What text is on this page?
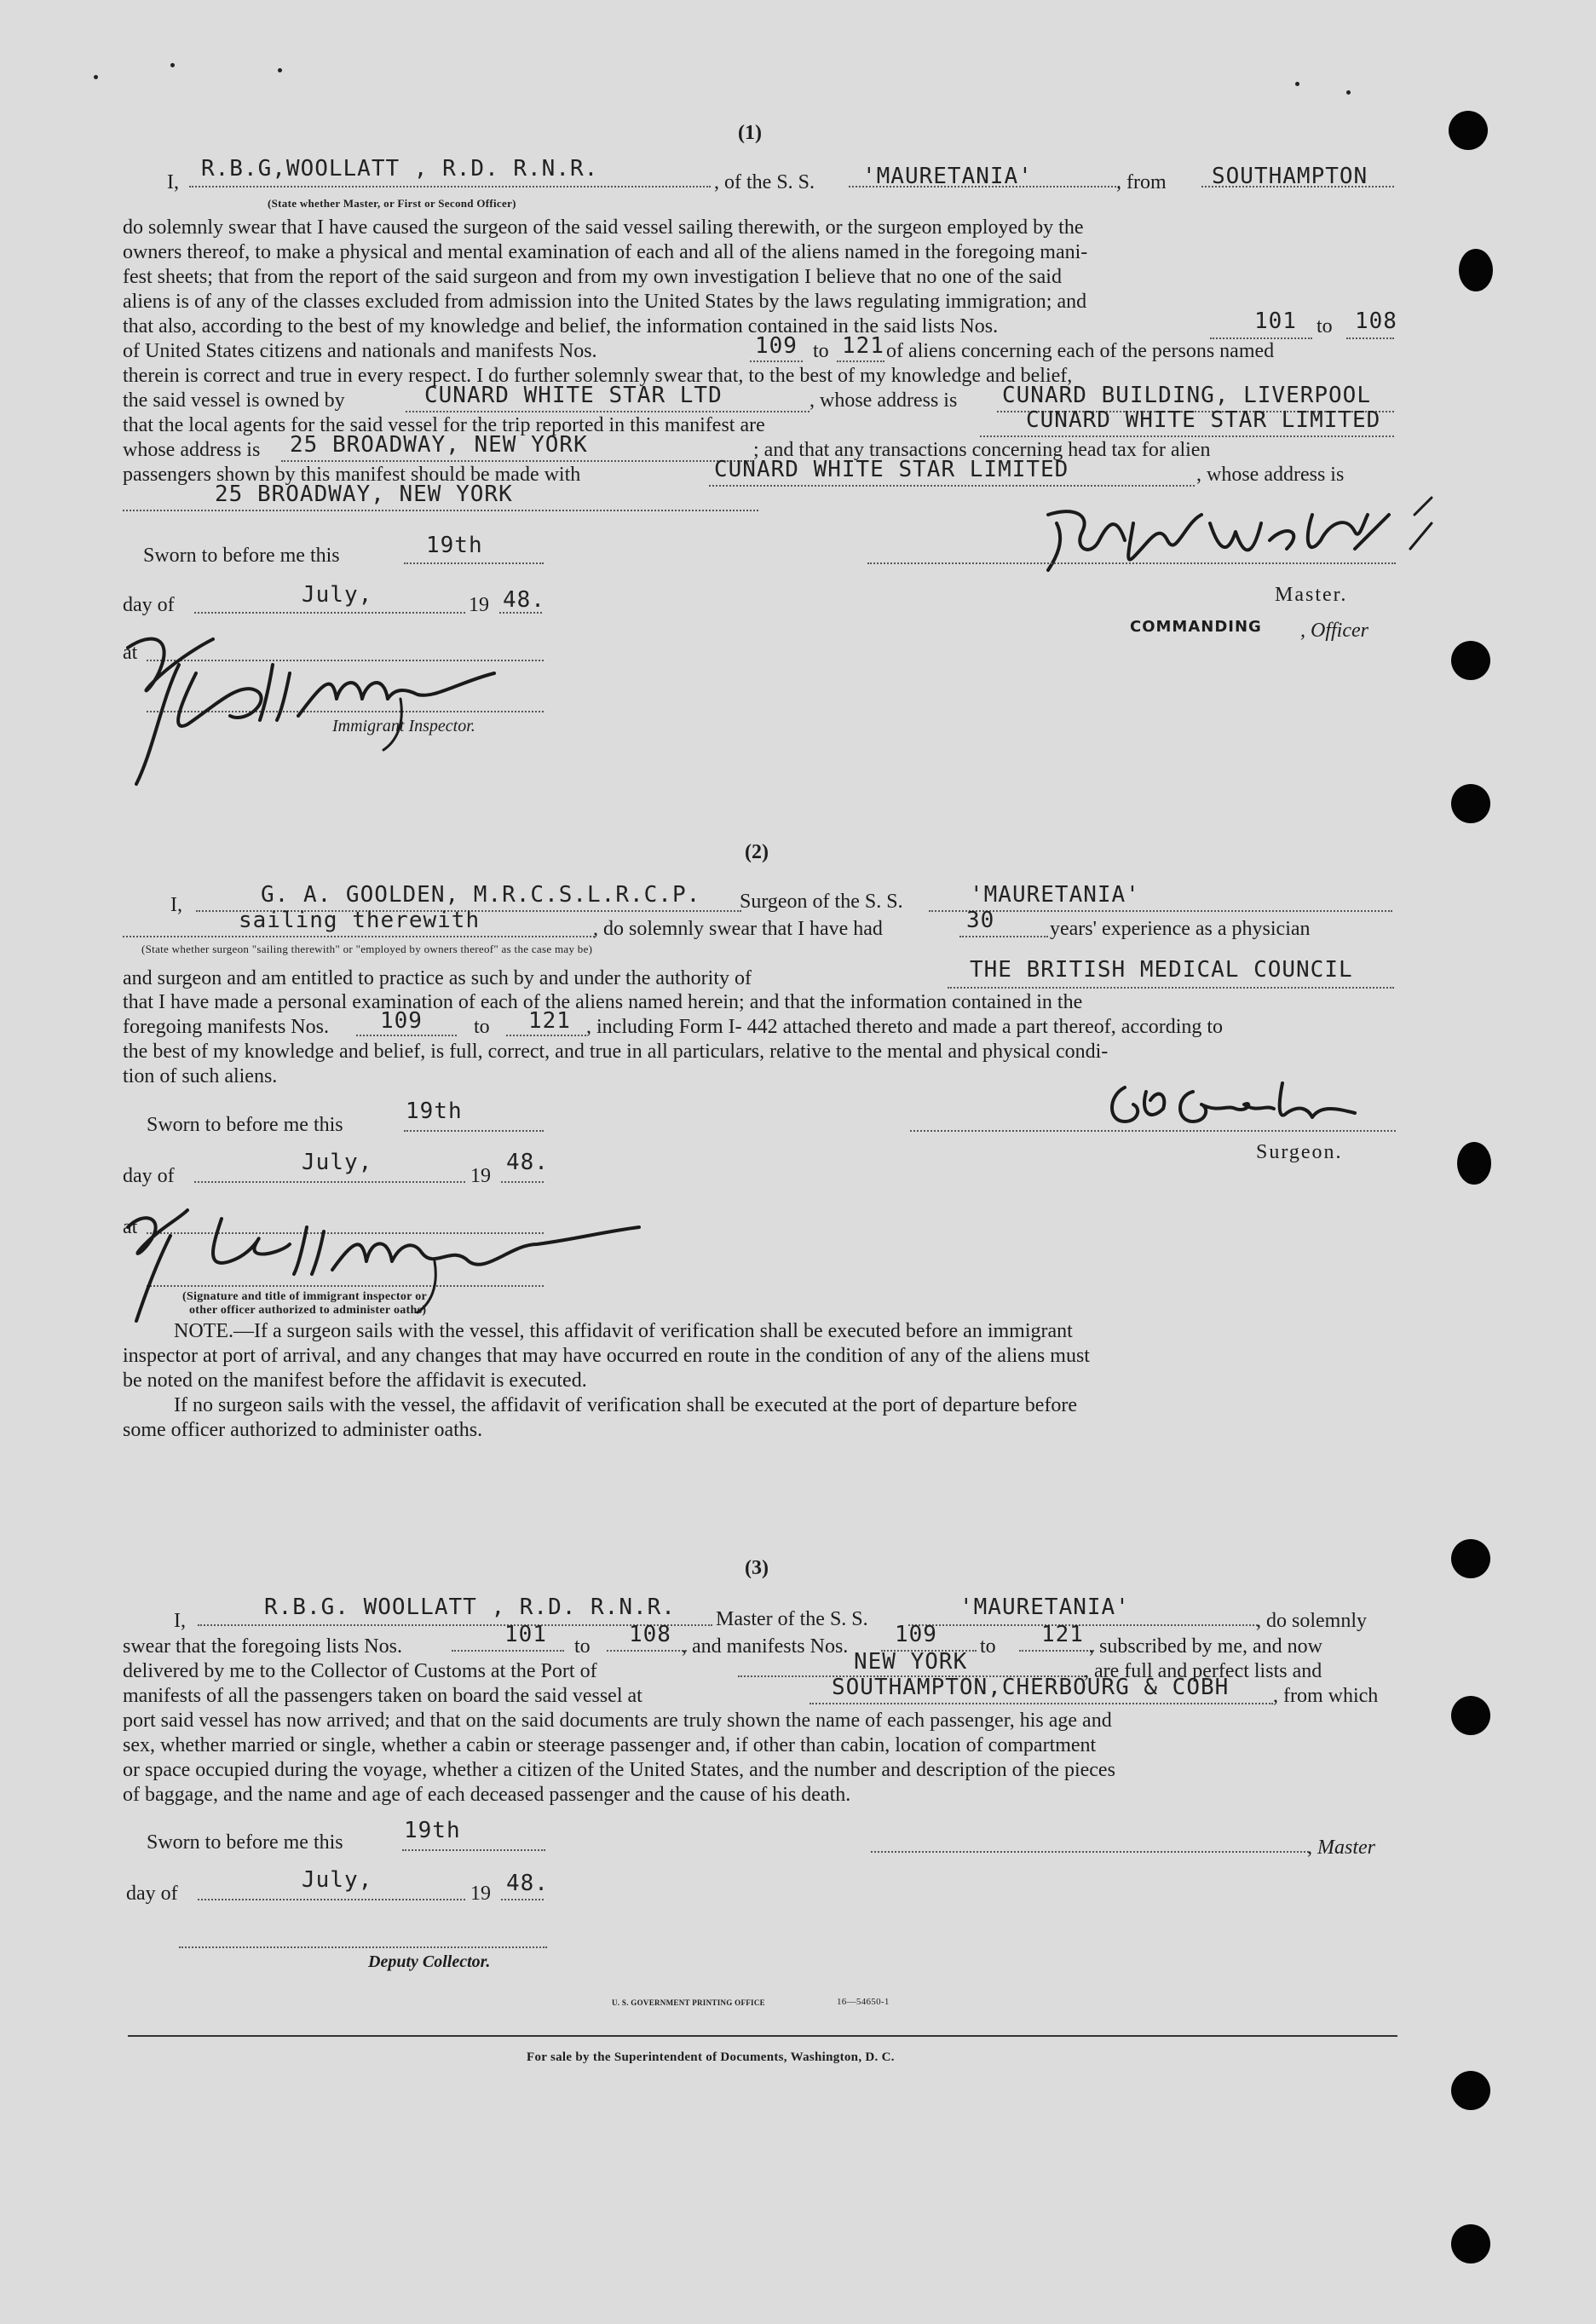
(1)
I,
R.B.G,WOOLLATT , R.D. R.N.R.
(State whether Master, or First or Second Officer)
, of the S. S. 'MAURETANIA'	, from SOUTHAMPTON
do solemnly swear that I have caused the surgeon of the said vessel sailing therewith, or the surgeon employed by the
owners thereof, to make a physical and mental examination of each and all of the aliens named in the foregoing mani-
fest sheets; that from the report of the said surgeon and from my own investigation I believe that no one of the said
aliens is of any of the classes excluded from admission into the United States by the laws regulating immigration; and
that also, according to the best of my knowledge and belief, the information contained in the said lists Nos.	101 to 108
of United States citizens and nationals and manifests Nos.	109 to 121 of aliens concerning each of the persons named
therein is correct and true in every respect. I do further solemnly swear that, to the best of my knowledge and belief,
the said vessel is owned by	CUNARD WHITE STAR LTD	, whose address is CUNARD BUILDING, LIVERPOOL
that the local agents for the said vessel for the trip reported in this manifest are	CUNARD WHITE STAR LIMITED
whose address is 25 BROADWAY, NEW YORK	; and that any transactions concerning head tax for alien
passengers shown by this manifest should be made with	CUNARD WHITE STAR LIMITED	, whose address is
25 BROADWAY, NEW YORK
Sworn to before me this	19th
day of	July,	19 48.
at
Immigrant Inspector.
Master.
COMMANDING , Officer
(2)
I,	G. A. GOOLDEN, M.R.C.S.L.R.C.P. Surgeon of the S. S.	'MAURETANIA'
sailing therewith	, do solemnly swear that I have had	30	years' experience as a physician
(State whether surgeon "sailing therewith" or "employed by owners thereof" as the case may be)
and surgeon and am entitled to practice as such by and under the authority of	THE BRITISH MEDICAL COUNCIL
that I have made a personal examination of each of the aliens named herein; and that the information contained in the
foregoing manifests Nos. 109	to 121 , including Form I- 442 attached thereto and made a part thereof, according to
the best of my knowledge and belief, is full, correct, and true in all particulars, relative to the mental and physical condi-
tion of such aliens.
Sworn to before me this
19th
day of
July,
19
48.
at
(Signature and title of immigrant inspector or
other officer authorized to administer oaths)
Surgeon.
NOTE.—If a surgeon sails with the vessel, this affidavit of verification shall be executed before an immigrant
inspector at port of arrival, and any changes that may have occurred en route in the condition of any of the aliens must
be noted on the manifest before the affidavit is executed.
If no surgeon sails with the vessel, the affidavit of verification shall be executed at the port of departure before
some officer authorized to administer oaths.
(3)
I,
R.B.G. WOOLLATT , R.D. R.N.R. Master of the S. S.	'MAURETANIA'
, do solemnly
swear that the foregoing lists Nos.	101 to 108 , and manifests Nos. 109 to 121 , subscribed by me, and now
delivered by me to the Collector of Customs at the Port of	NEW YORK	, are full and perfect lists and
manifests of all the passengers taken on board the said vessel at	SOUTHAMPTON,CHERBOURG & COBH , from which
port said vessel has now arrived; and that on the said documents are truly shown the name of each passenger, his age and
sex, whether married or single, whether a cabin or steerage passenger and, if other than cabin, location of compartment
or space occupied during the voyage, whether a citizen of the United States, and the number and description of the pieces
of baggage, and the name and age of each deceased passenger and the cause of his death.
Sworn to before me this	19th
, Master
day of
July,
19 48.
Deputy Collector.
U. S. GOVERNMENT PRINTING OFFICE	16—54650-1
For sale by the Superintendent of Documents, Washington, D. C.
